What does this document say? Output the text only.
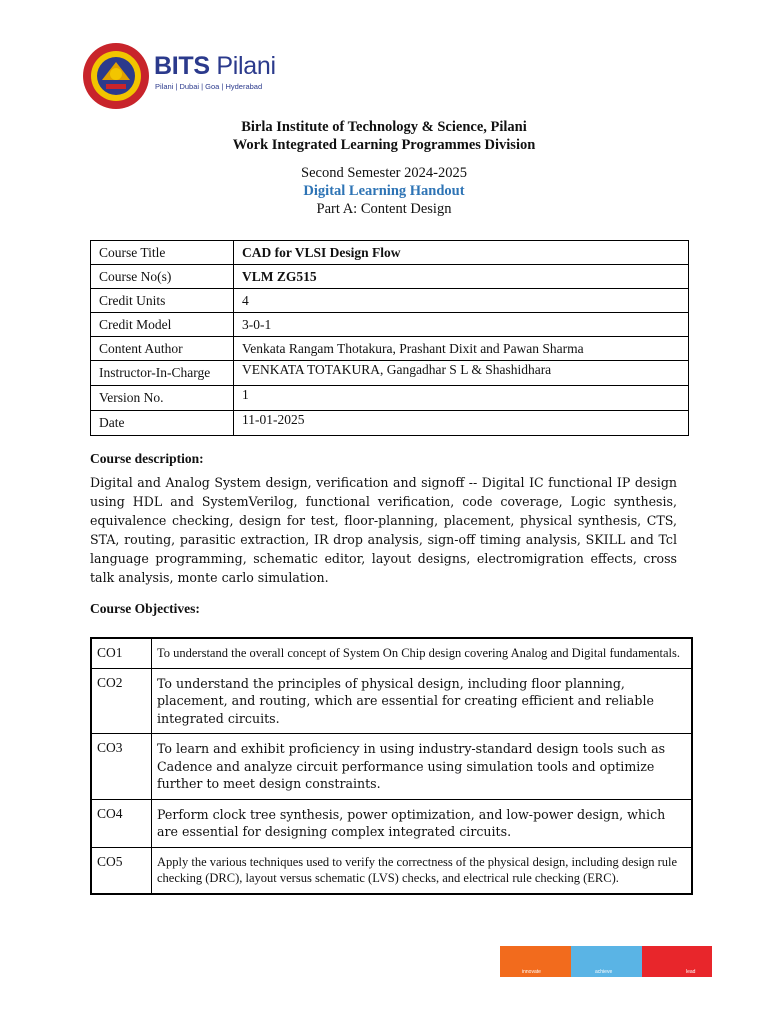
BITS Pilani
Pilani | Dubai | Goa | Hyderabad
Birla Institute of Technology & Science, Pilani
Work Integrated Learning Programmes Division
Second Semester 2024-2025
Digital Learning Handout
Part A: Content Design
Course Title	CAD for VLSI Design Flow
Course No(s)	VLM ZG515
Credit Units	4
Credit Model	3-0-1
Content Author	Venkata Rangam Thotakura, Prashant Dixit and Pawan Sharma
Instructor-In-Charge	VENKATA TOTAKURA, Gangadhar S L & Shashidhara
Version No.	1
Date	11-01-2025
Course description:

Digital and Analog System design, verification and signoff -- Digital IC functional IP design using HDL and SystemVerilog, functional verification, code coverage, Logic synthesis, equivalence checking, design for test, floor-planning, placement, physical synthesis, CTS, STA, routing, parasitic extraction, IR drop analysis, sign-off timing analysis, SKILL and Tcl language programming, schematic editor, layout designs, electromigration effects, cross talk analysis, monte carlo simulation.

Course Objectives:
CO1	To understand the overall concept of System On Chip design covering Analog and Digital fundamentals.
CO2	To understand the principles of physical design, including floor planning, placement, and routing, which are essential for creating efficient and reliable integrated circuits.
CO3	To learn and exhibit proficiency in using industry-standard design tools such as Cadence and analyze circuit performance using simulation tools and optimize further to meet design constraints.
CO4	Perform clock tree synthesis, power optimization, and low-power design, which are essential for designing complex integrated circuits.
CO5	Apply the various techniques used to verify the correctness of the physical design, including design rule checking (DRC), layout versus schematic (LVS) checks, and electrical rule checking (ERC).
innovate	achieve	lead
